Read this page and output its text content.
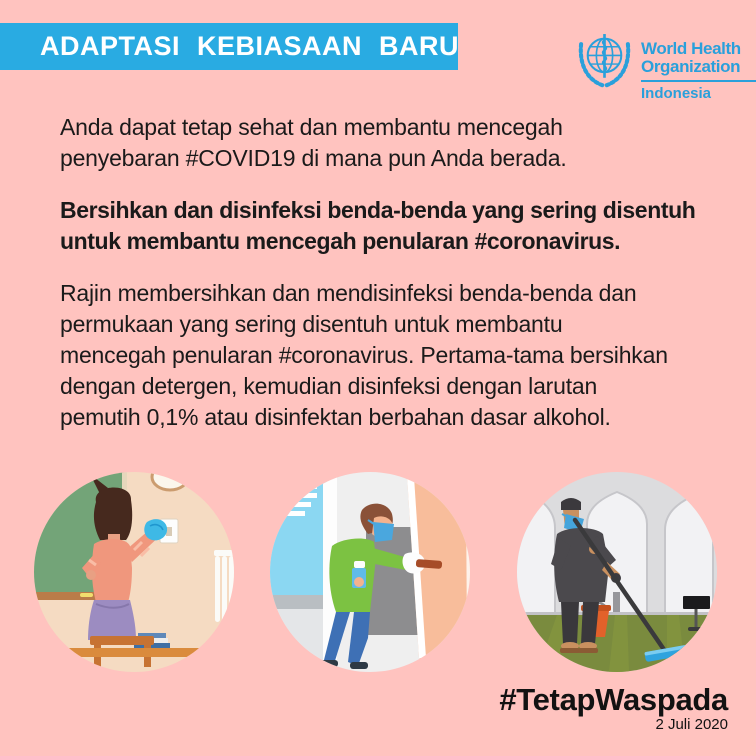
ADAPTASI KEBIASAAN BARU	World Health
Organization
Indonesia

Anda dapat tetap sehat dan membantu mencegah
penyebaran #COVID19 di mana pun Anda berada.

Bersihkan dan disinfeksi benda-benda yang sering disentuh
untuk membantu mencegah penularan #coronavirus.

Rajin membersihkan dan mendisinfeksi benda-benda dan
permukaan yang sering disentuh untuk membantu
mencegah penularan #coronavirus. Pertama-tama bersihkan
dengan detergen, kemudian disinfeksi dengan larutan
pemutih 0,1% atau disinfektan berbahan dasar alkohol.

#TetapWaspada
2 Juli 2020
